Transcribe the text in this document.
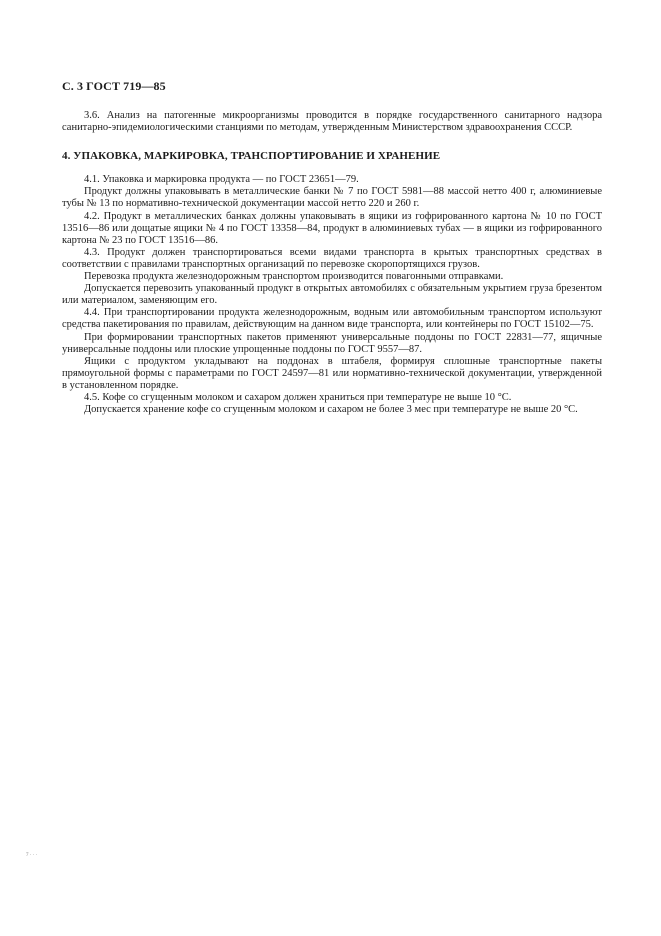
С. 3 ГОСТ 719—85

3.6. Анализ на патогенные микроорганизмы проводится в порядке государственного санитарного надзора санитарно-эпидемиологическими станциями по методам, утвержденным Министерством здравоохранения СССР.

4. УПАКОВКА, МАРКИРОВКА, ТРАНСПОРТИРОВАНИЕ И ХРАНЕНИЕ

4.1. Упаковка и маркировка продукта — по ГОСТ 23651—79.

Продукт должны упаковывать в металлические банки № 7 по ГОСТ 5981—88 массой нетто 400 г, алюминиевые тубы № 13 по нормативно-технической документации массой нетто 220 и 260 г.

4.2. Продукт в металлических банках должны упаковывать в ящики из гофрированного картона № 10 по ГОСТ 13516—86 или дощатые ящики № 4 по ГОСТ 13358—84, продукт в алюминиевых тубах — в ящики из гофрированного картона № 23 по ГОСТ 13516—86.

4.3. Продукт должен транспортироваться всеми видами транспорта в крытых транспортных средствах в соответствии с правилами транспортных организаций по перевозке скоропортящихся грузов.

Перевозка продукта железнодорожным транспортом производится повагонными отправками.

Допускается перевозить упакованный продукт в открытых автомобилях с обязательным укрытием груза брезентом или материалом, заменяющим его.

4.4. При транспортировании продукта железнодорожным, водным или автомобильным транспортом используют средства пакетирования по правилам, действующим на данном виде транспорта, или контейнеры по ГОСТ 15102—75.

При формировании транспортных пакетов применяют универсальные поддоны по ГОСТ 22831—77, ящичные универсальные поддоны или плоские упрощенные поддоны по ГОСТ 9557—87.

Ящики с продуктом укладывают на поддонах в штабеля, формируя сплошные транспортные пакеты прямоугольной формы с параметрами по ГОСТ 24597—81 или нормативно-технической документации, утвержденной в установленном порядке.

4.5. Кофе со сгущенным молоком и сахаром должен храниться при температуре не выше 10 °С.

Допускается хранение кофе со сгущенным молоком и сахаром не более 3 мес при температуре не выше 20 °С.

7 · · ·
